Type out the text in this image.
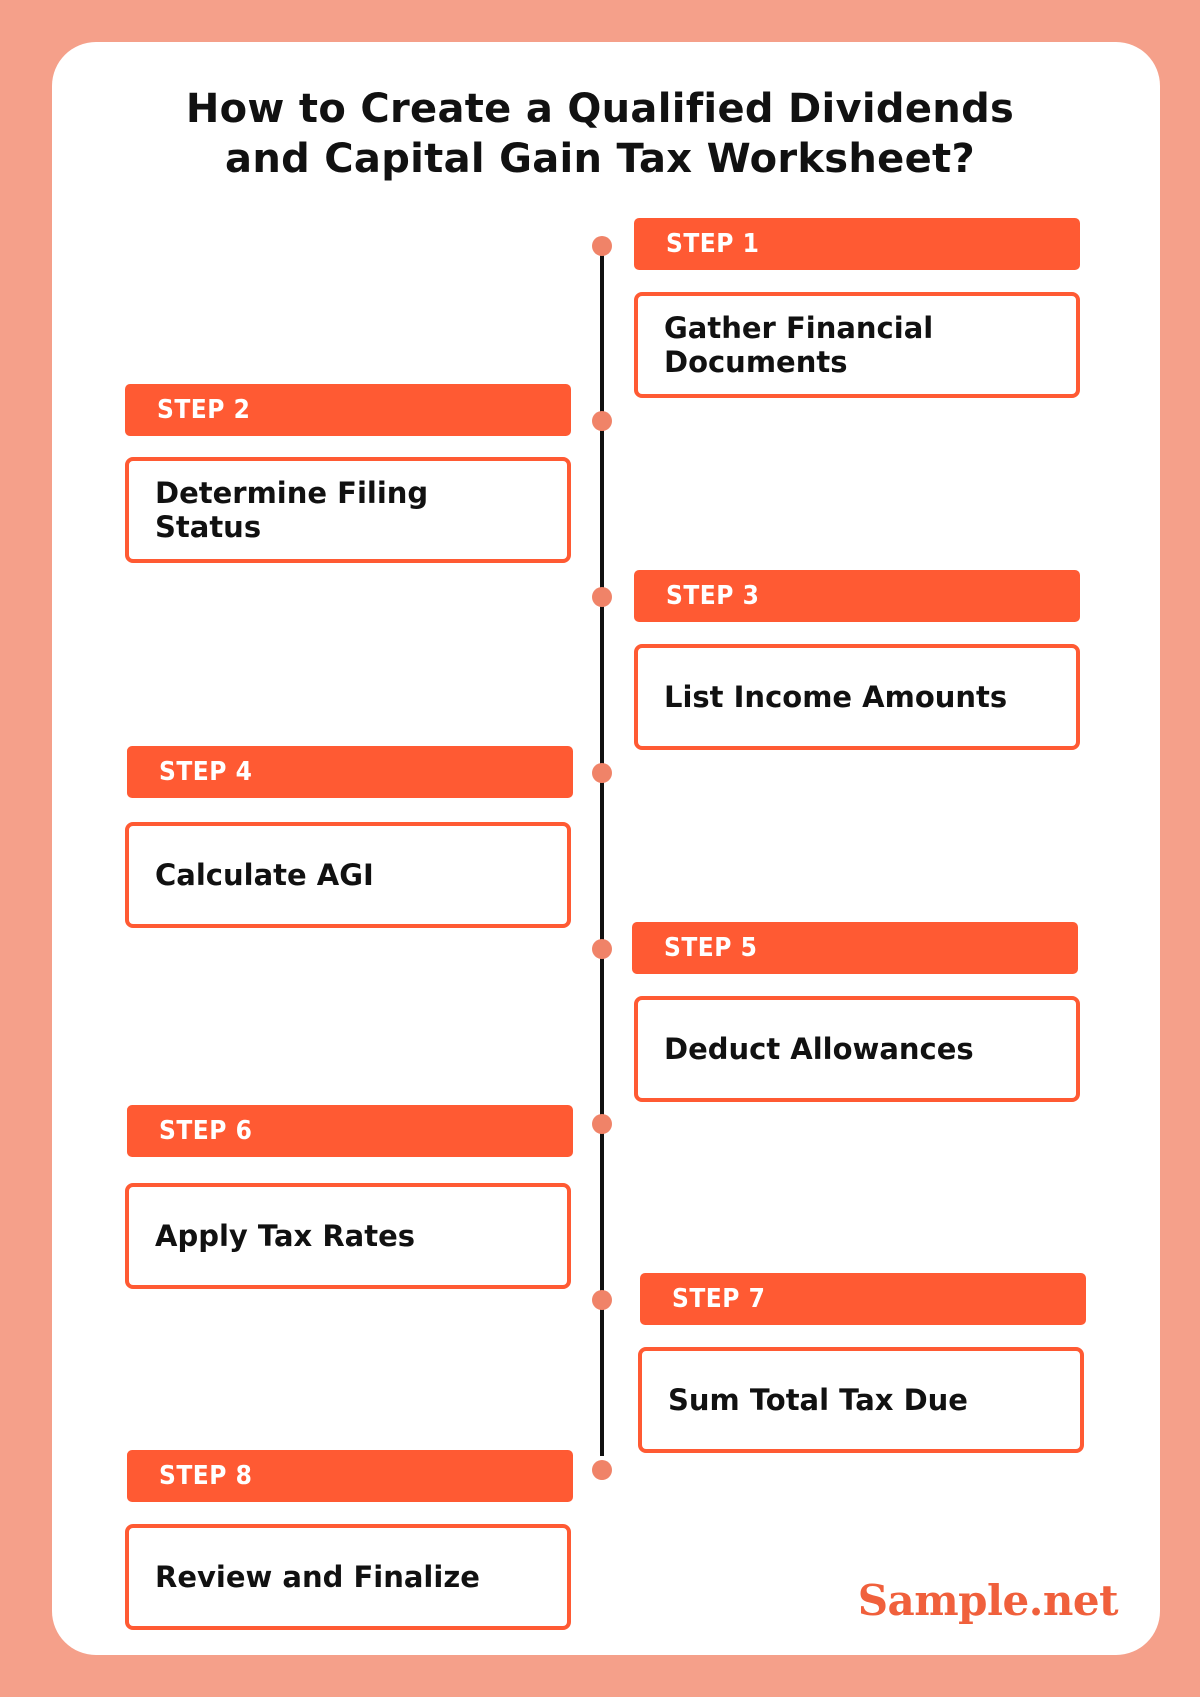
How to Create a Qualified Dividends
and Capital Gain Tax Worksheet?
STEP 1
Gather Financial Documents
STEP 2
Determine Filing Status
STEP 3
List Income Amounts
STEP 4
Calculate AGI
STEP 5
Deduct Allowances
STEP 6
Apply Tax Rates
STEP 7
Sum Total Tax Due
STEP 8
Review and Finalize	Sample.net
